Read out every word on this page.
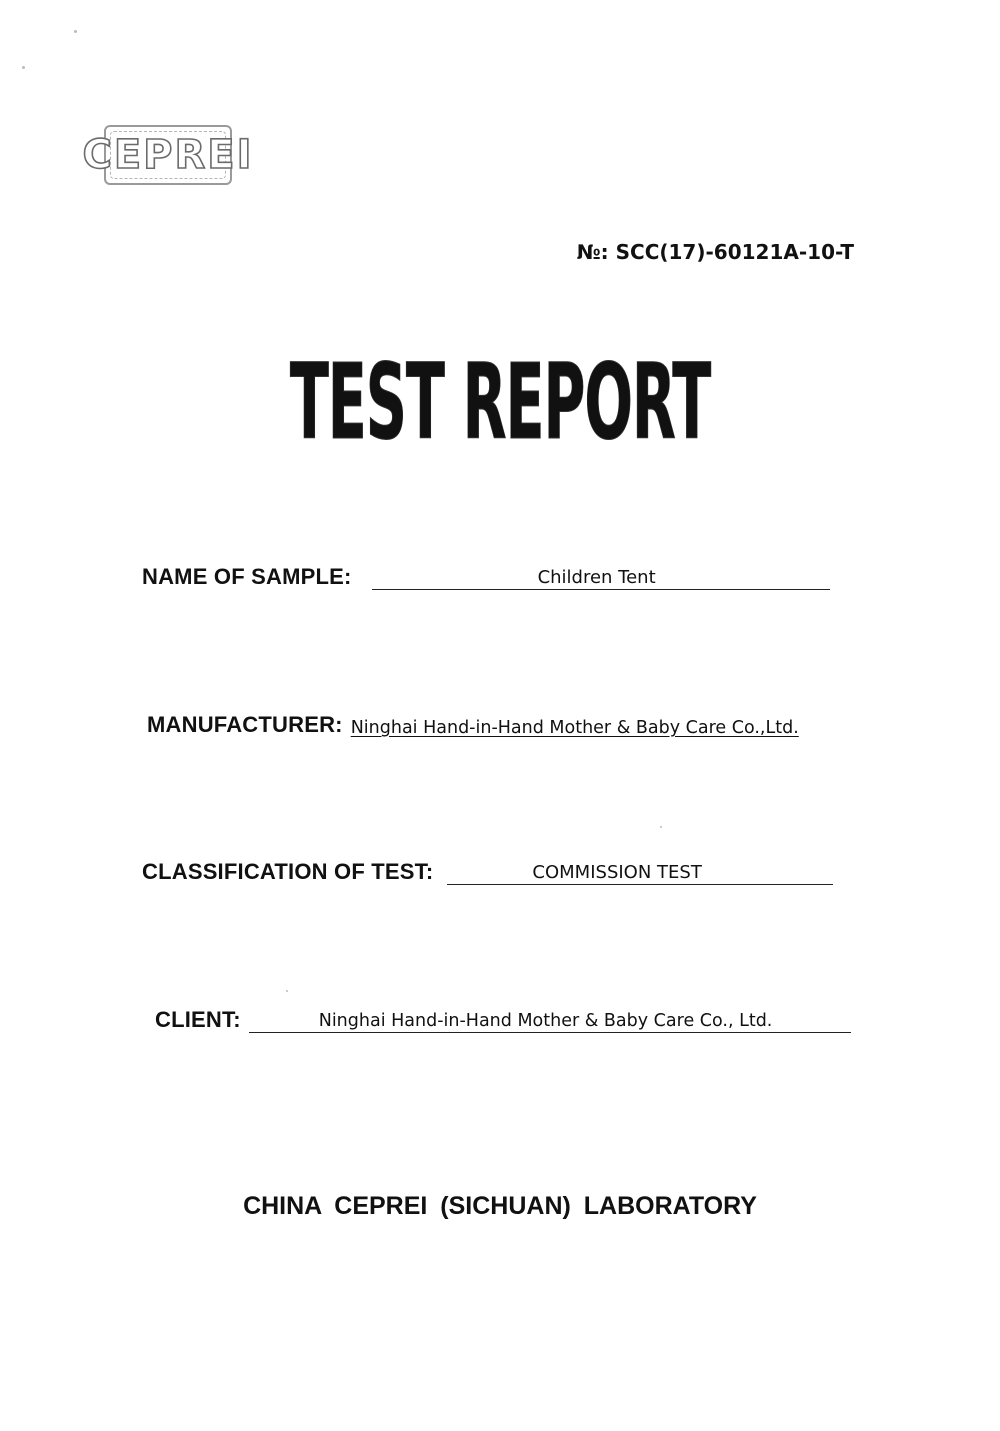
CEPREI
№: SCC(17)-60121A-10-T
TEST REPORT
NAME OF SAMPLE:	Children Tent
MANUFACTURER: Ninghai Hand-in-Hand Mother & Baby Care Co.,Ltd.
CLASSIFICATION OF TEST:	COMMISSION TEST
CLIENT:	Ninghai Hand-in-Hand Mother & Baby Care Co., Ltd.
CHINA CEPREI (SICHUAN) LABORATORY
